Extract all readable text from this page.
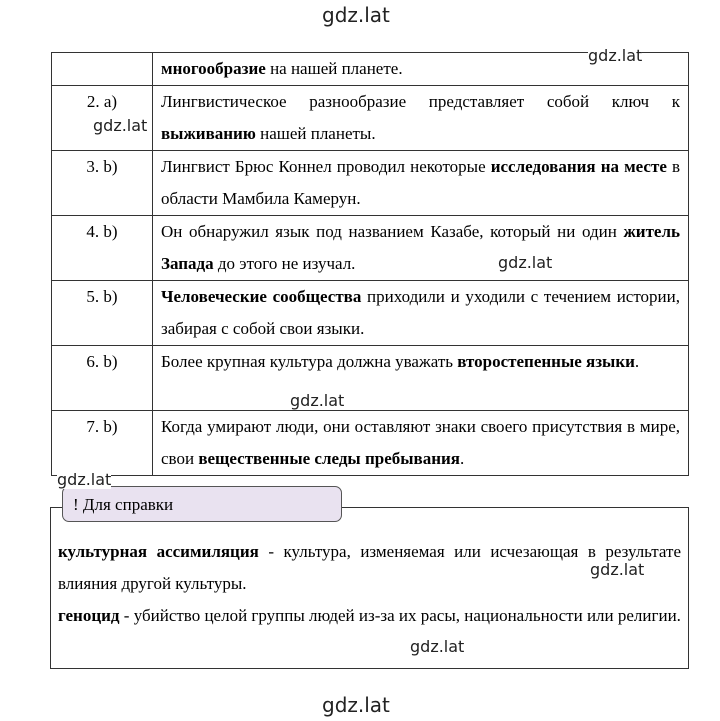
gdz.lat
	многообразие на нашей планете.
2. a)	Лингвистическое разнообразие представляет собой ключ к выживанию нашей планеты.
3. b)	Лингвист Брюс Коннел проводил некоторые исследования на месте в области Мамбила Камерун.
4. b)	Он обнаружил язык под названием Казабе, который ни один житель Запада до этого не изучал.
5. b)	Человеческие сообщества приходили и уходили с течением истории, забирая с собой свои языки.
6. b)	Более крупная культура должна уважать второстепенные языки.
7. b)	Когда умирают люди, они оставляют знаки своего присутствия в мире, свои вещественные следы пребывания.
! Для справки

культурная ассимиляция - культура, изменяемая или исчезающая в результате влияния другой культуры.

геноцид - убийство целой группы людей из-за их расы, национальности или религии.

gdz.lat
gdz.lat
gdz.lat
gdz.lat
gdz.lat
gdz.lat
gdz.lat
gdz.lat
